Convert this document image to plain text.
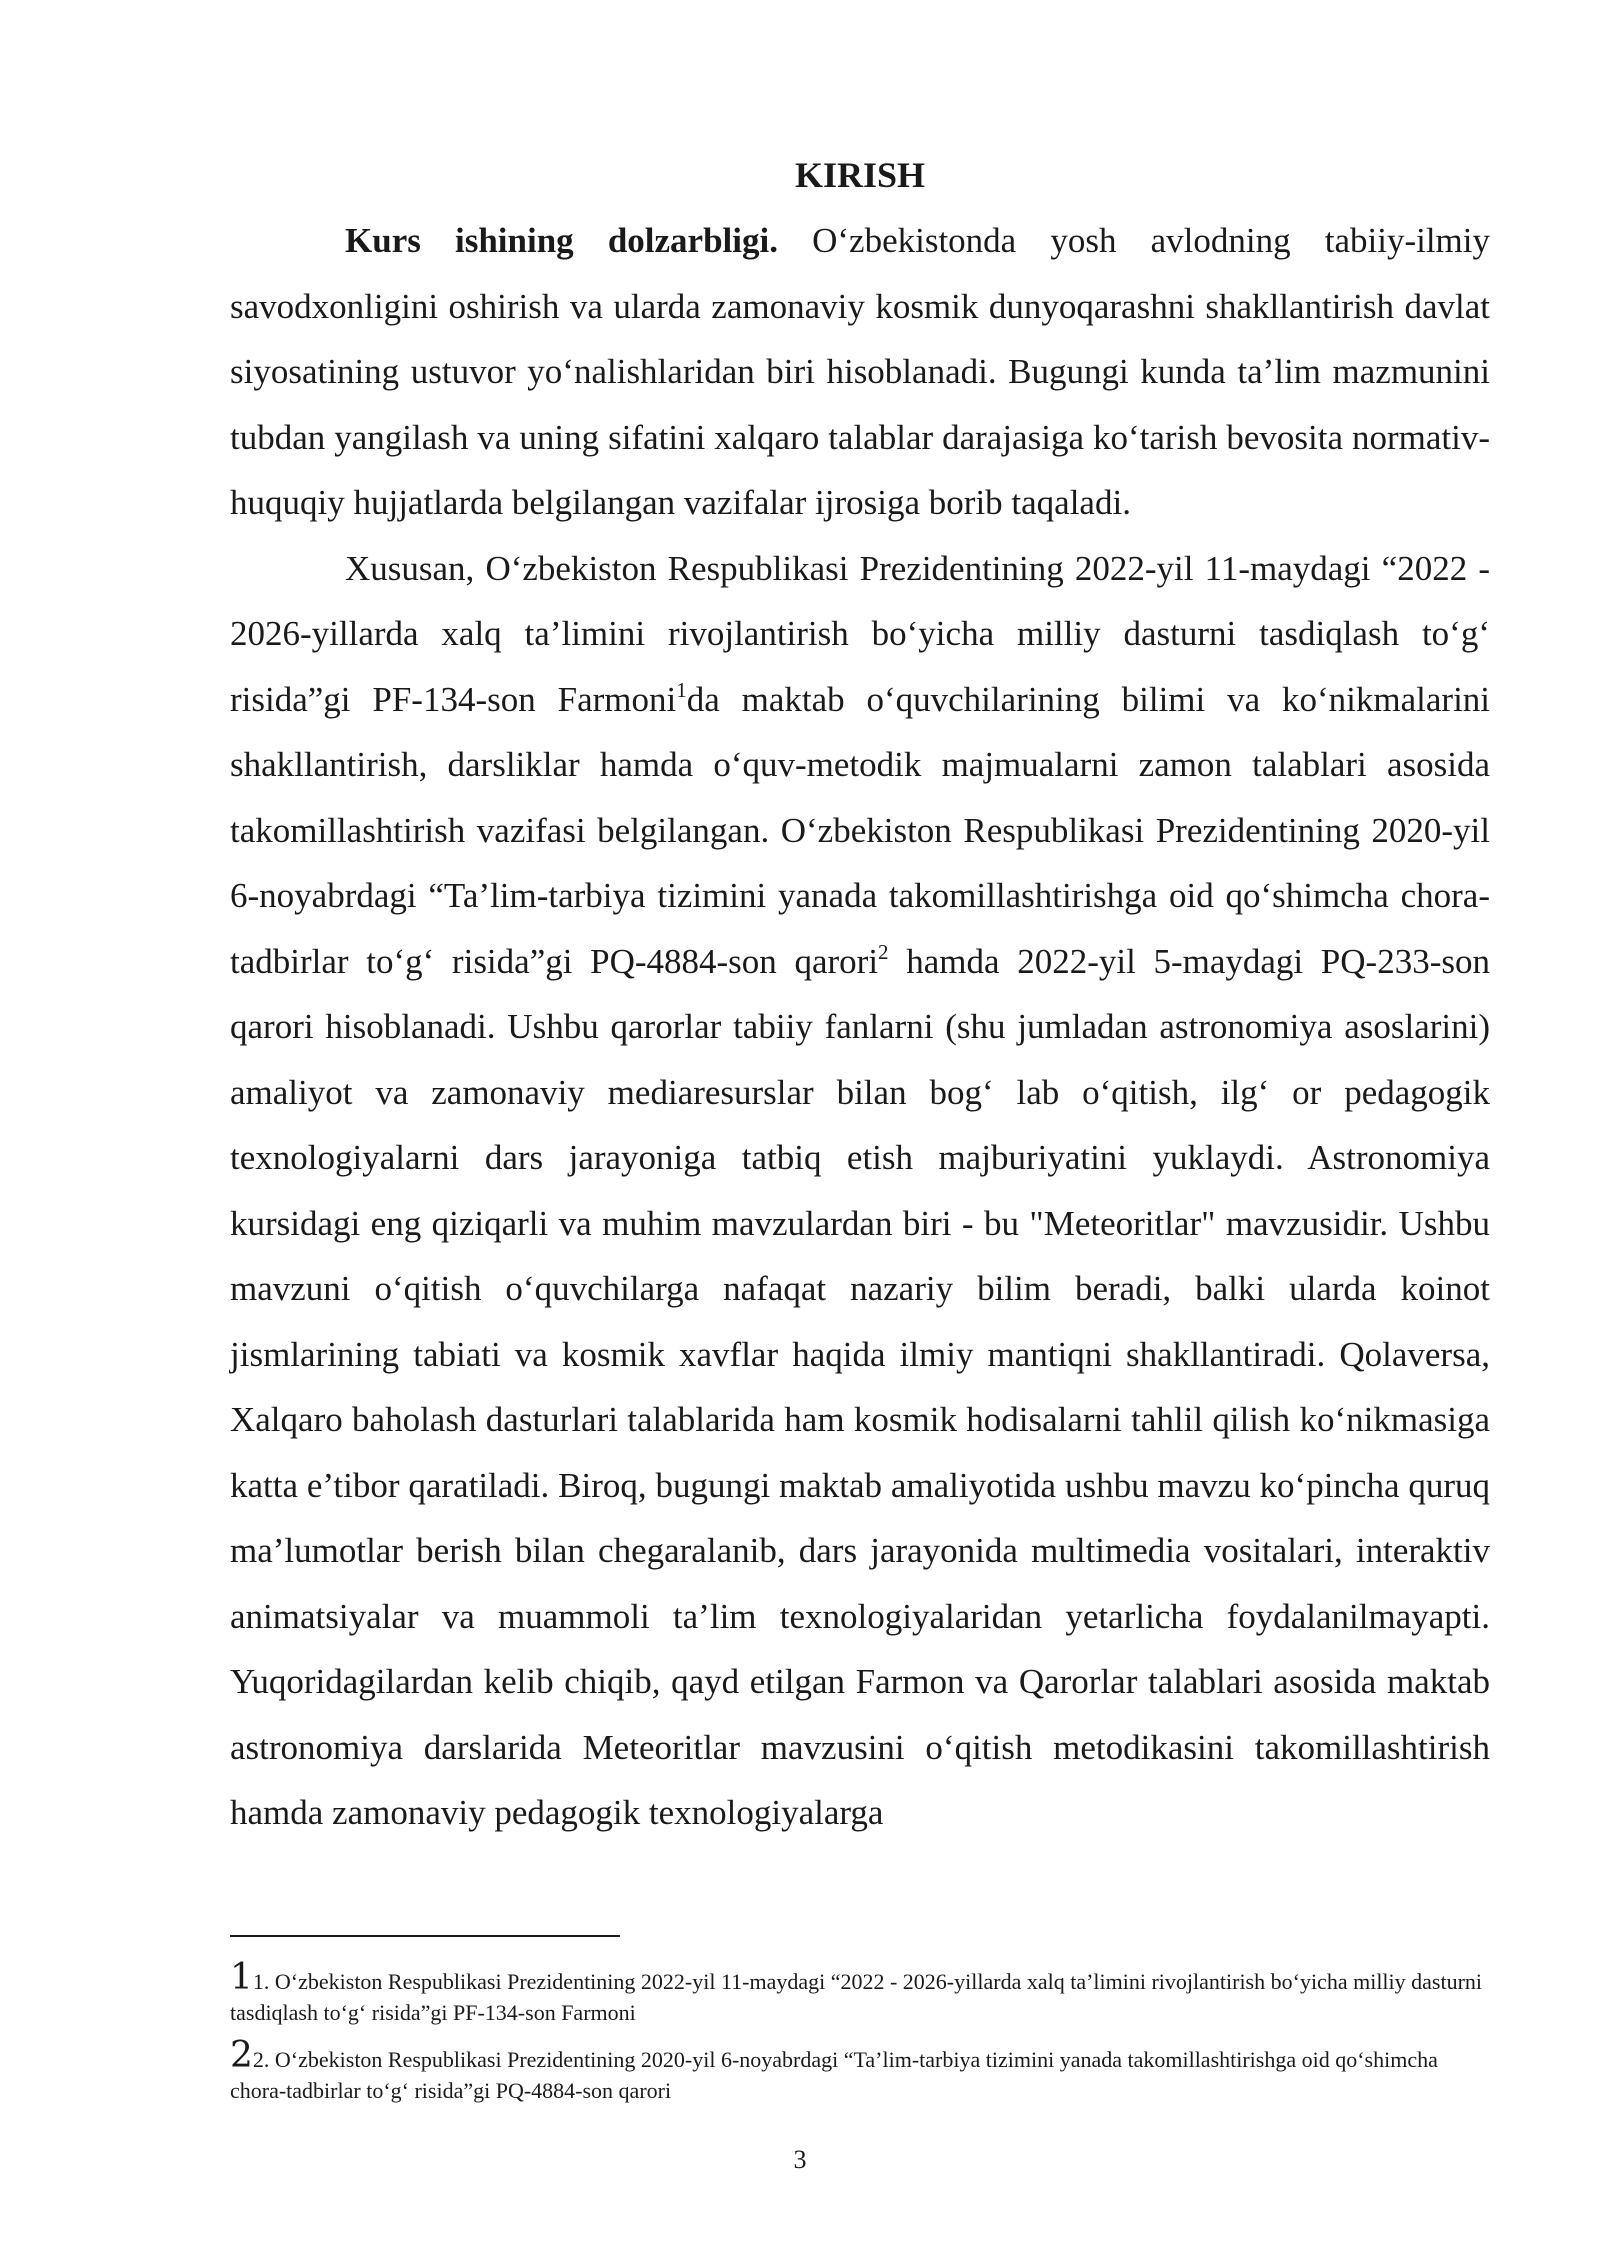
KIRISH

Kurs ishining dolzarbligi. O‘zbekistonda yosh avlodning tabiiy-ilmiy savodxonligini oshirish va ularda zamonaviy kosmik dunyoqarashni shakllantirish davlat siyosatining ustuvor yo‘nalishlaridan biri hisoblanadi. Bugungi kunda ta’lim mazmunini tubdan yangilash va uning sifatini xalqaro talablar darajasiga ko‘tarish bevosita normativ-huquqiy hujjatlarda belgilangan vazifalar ijrosiga borib taqaladi.

Xususan, O‘zbekiston Respublikasi Prezidentining 2022-yil 11-maydagi “2022 - 2026-yillarda xalq ta’limini rivojlantirish bo‘yicha milliy dasturni tasdiqlash to‘g‘ risida”gi PF-134-son Farmoni$^1$da maktab o‘quvchilarining bilimi va ko‘nikmalarini shakllantirish, darsliklar hamda o‘quv-metodik majmualarni zamon talablari asosida takomillashtirish vazifasi belgilangan. O‘zbekiston Respublikasi Prezidentining 2020-yil 6-noyabrdagi “Ta’lim-tarbiya tizimini yanada takomillashtirishga oid qo‘shimcha chora-tadbirlar to‘g‘ risida”gi PQ-4884-son qarori$^2$ hamda 2022-yil 5-maydagi PQ-233-son qarori hisoblanadi. Ushbu qarorlar tabiiy fanlarni (shu jumladan astronomiya asoslarini) amaliyot va zamonaviy mediaresurslar bilan bog‘ lab o‘qitish, ilg‘ or pedagogik texnologiyalarni dars jarayoniga tatbiq etish majburiyatini yuklaydi. Astronomiya kursidagi eng qiziqarli va muhim mavzulardan biri - bu "Meteoritlar" mavzusidir. Ushbu mavzuni o‘qitish o‘quvchilarga nafaqat nazariy bilim beradi, balki ularda koinot jismlarining tabiati va kosmik xavflar haqida ilmiy mantiqni shakllantiradi. Qolaversa, Xalqaro baholash dasturlari talablarida ham kosmik hodisalarni tahlil qilish ko‘nikmasiga katta e’tibor qaratiladi. Biroq, bugungi maktab amaliyotida ushbu mavzu ko‘pincha quruq ma’lumotlar berish bilan chegaralanib, dars jarayonida multimedia vositalari, interaktiv animatsiyalar va muammoli ta’lim texnologiyalaridan yetarlicha foydalanilmayapti. Yuqoridagilardan kelib chiqib, qayd etilgan Farmon va Qarorlar talablari asosida maktab astronomiya darslarida Meteoritlar mavzusini o‘qitish metodikasini takomillashtirish hamda zamonaviy pedagogik texnologiyalarga

11. O‘zbekiston Respublikasi Prezidentining 2022-yil 11-maydagi “2022 - 2026-yillarda xalq ta’limini rivojlantirish bo‘yicha milliy dasturni tasdiqlash to‘g‘ risida”gi PF-134-son Farmoni

22. O‘zbekiston Respublikasi Prezidentining 2020-yil 6-noyabrdagi “Ta’lim-tarbiya tizimini yanada takomillashtirishga oid qo‘shimcha chora-tadbirlar to‘g‘ risida”gi PQ-4884-son qarori

3
